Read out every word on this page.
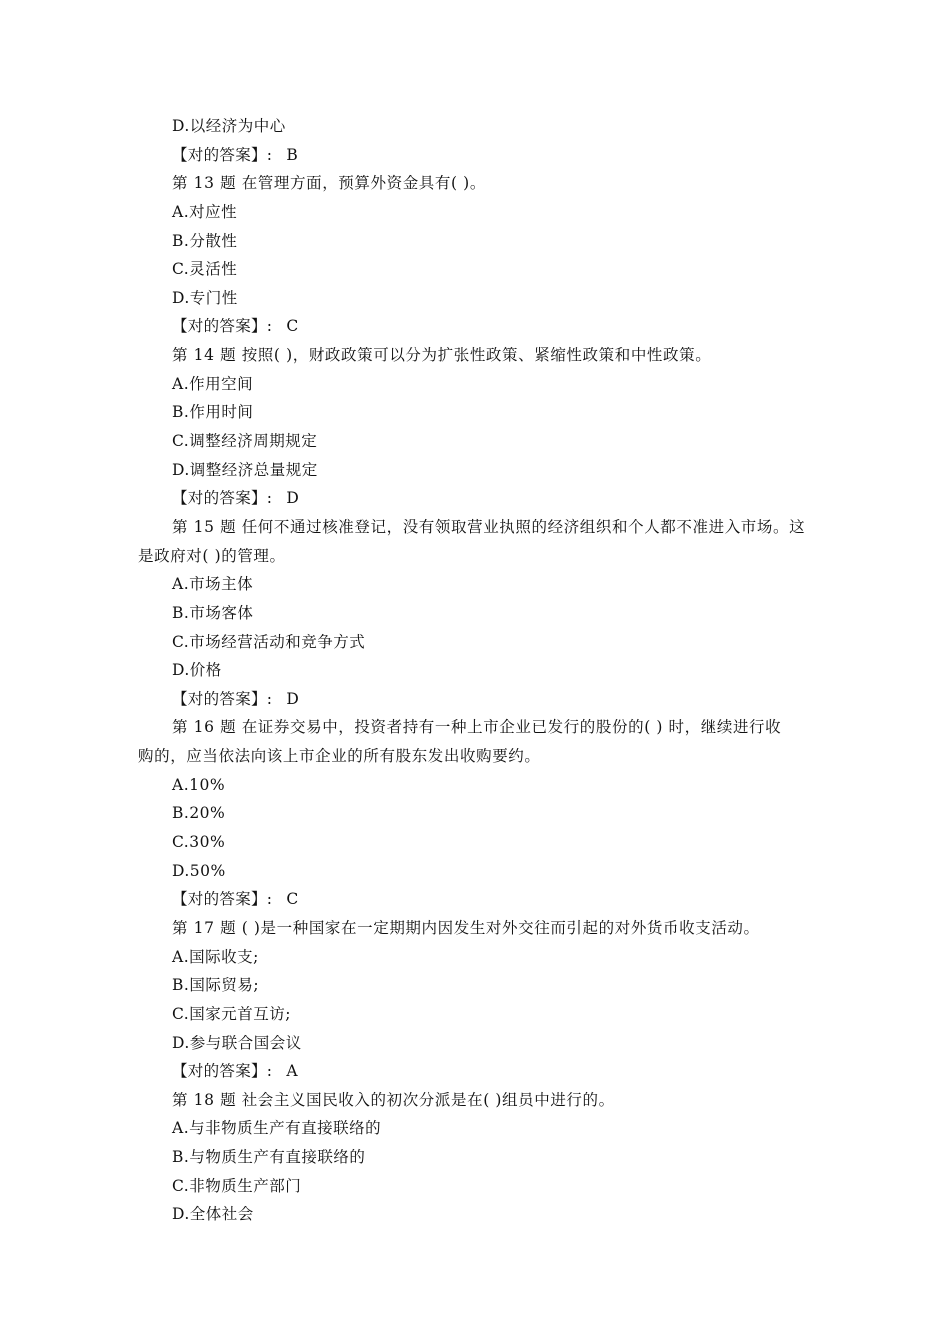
D.以经济为中心
【对的答案】: B
第 13 题 在管理方面，预算外资金具有( )。
A.对应性
B.分散性
C.灵活性
D.专门性
【对的答案】: C
第 14 题 按照( )，财政政策可以分为扩张性政策、紧缩性政策和中性政策。
A.作用空间
B.作用时间
C.调整经济周期规定
D.调整经济总量规定
【对的答案】: D
第 15 题 任何不通过核准登记，没有领取营业执照的经济组织和个人都不准进入市场。这
是政府对( )的管理。
A.市场主体
B.市场客体
C.市场经营活动和竞争方式
D.价格
【对的答案】: D
第 16 题 在证券交易中，投资者持有一种上市企业已发行的股份的( ) 时，继续进行收
购的，应当依法向该上市企业的所有股东发出收购要约。
A.10%
B.20%
C.30%
D.50%
【对的答案】: C
第 17 题 ( )是一种国家在一定期期内因发生对外交往而引起的对外货币收支活动。
A.国际收支;
B.国际贸易;
C.国家元首互访;
D.参与联合国会议
【对的答案】: A
第 18 题 社会主义国民收入的初次分派是在( )组员中进行的。
A.与非物质生产有直接联络的
B.与物质生产有直接联络的
C.非物质生产部门
D.全体社会
